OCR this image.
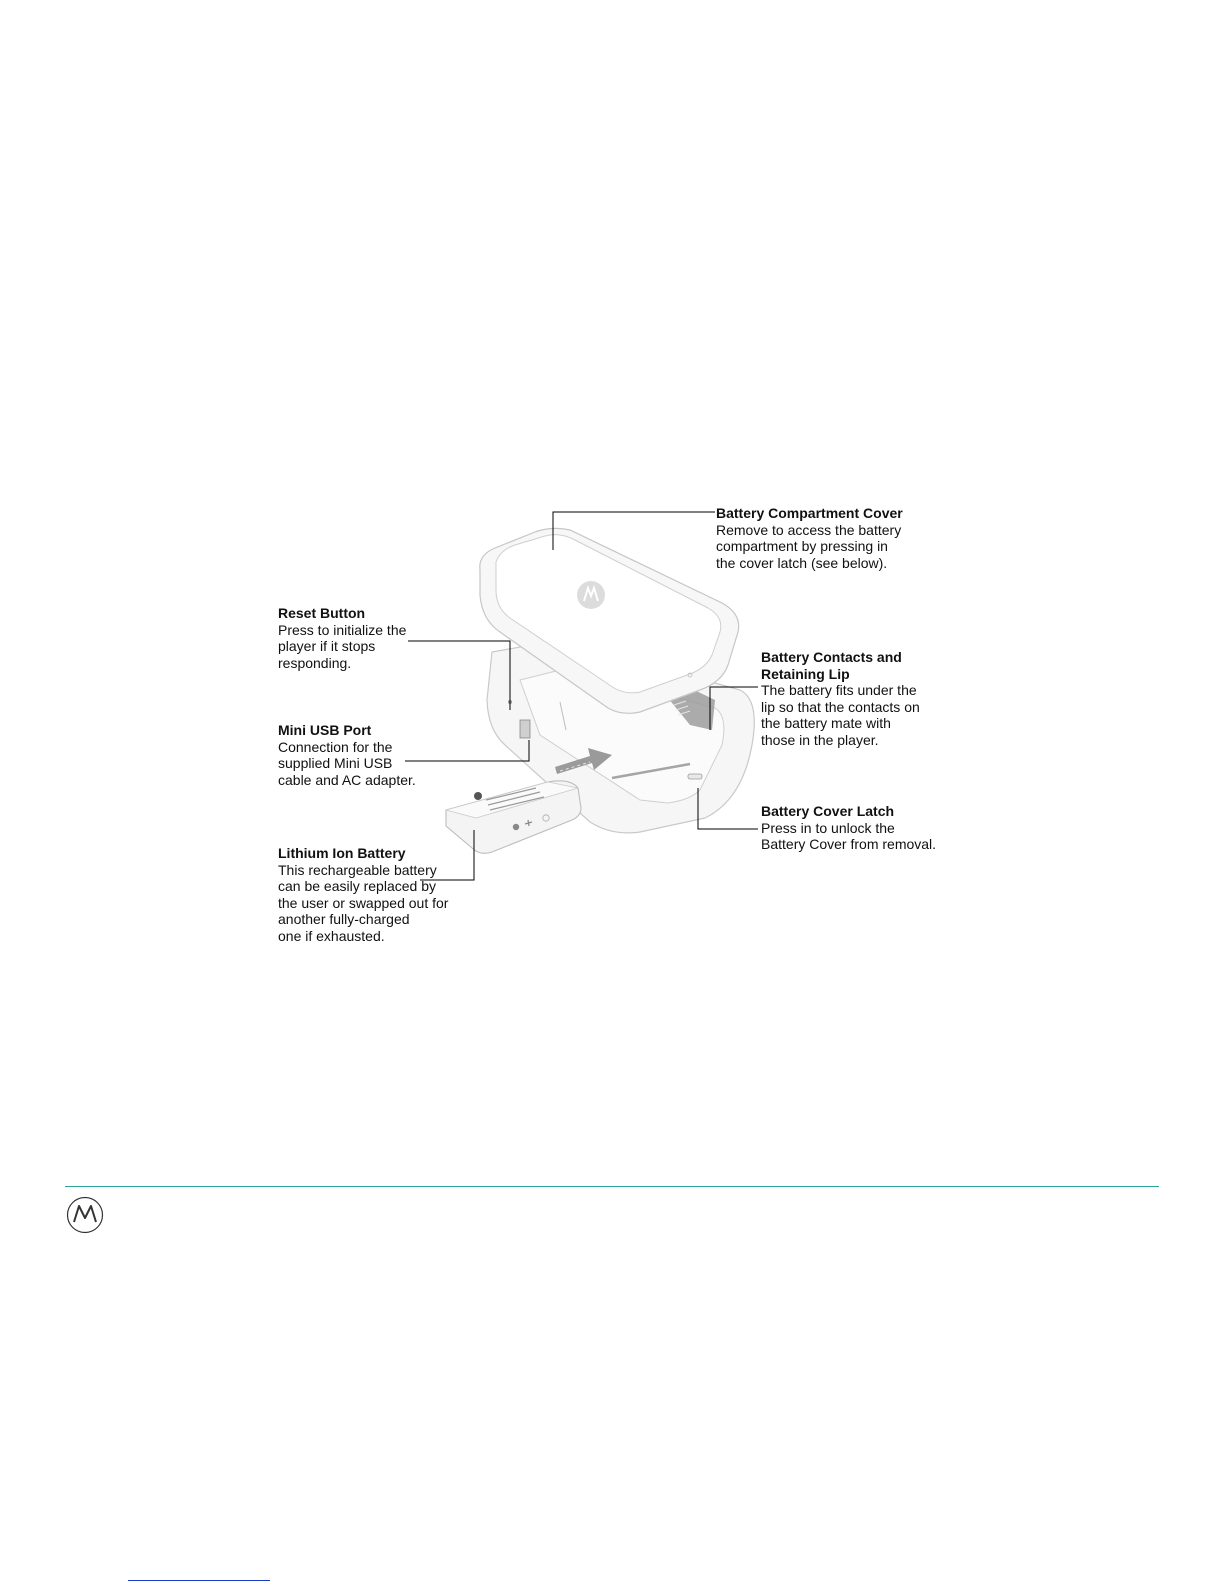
Battery Compartment Cover
Remove to access the battery
compartment by pressing in
the cover latch (see below).
Reset Button
Press to initialize the
player if it stops
responding.	Battery Contacts and
Retaining Lip
The battery fits under the
lip so that the contacts on
the battery mate with
those in the player.
Mini USB Port
Connection for the
supplied Mini USB
cable and AC adapter.
Battery Cover Latch
Press in to unlock the
Battery Cover from removal.
Lithium Ion Battery
This rechargeable battery
can be easily replaced by
the user or swapped out for
another fully-charged
one if exhausted.
